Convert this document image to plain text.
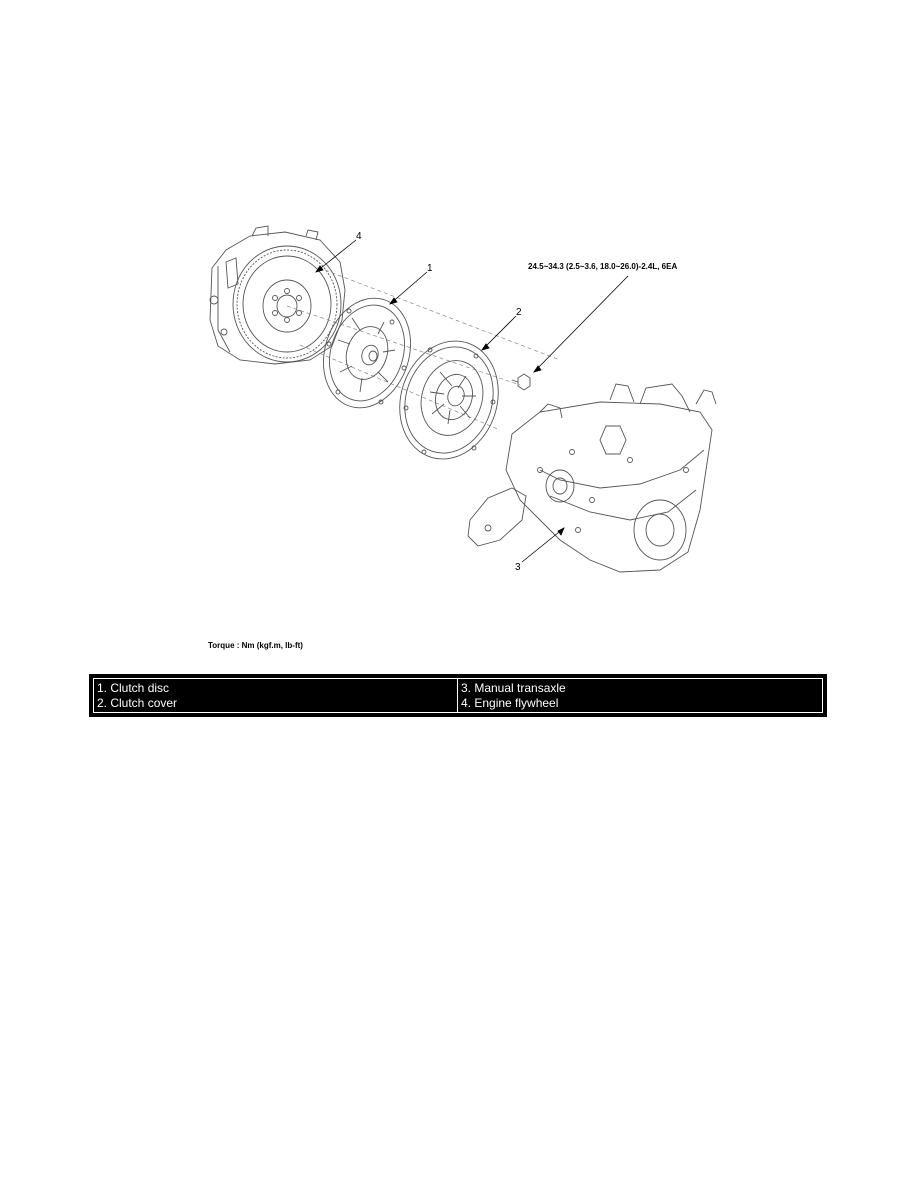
4
1
2
3
24.5~34.3 (2.5~3.6, 18.0~26.0)-2.4L, 6EA
Torque : Nm (kgf.m, lb-ft)
1. Clutch disc
2. Clutch cover
3. Manual transaxle
4. Engine flywheel
